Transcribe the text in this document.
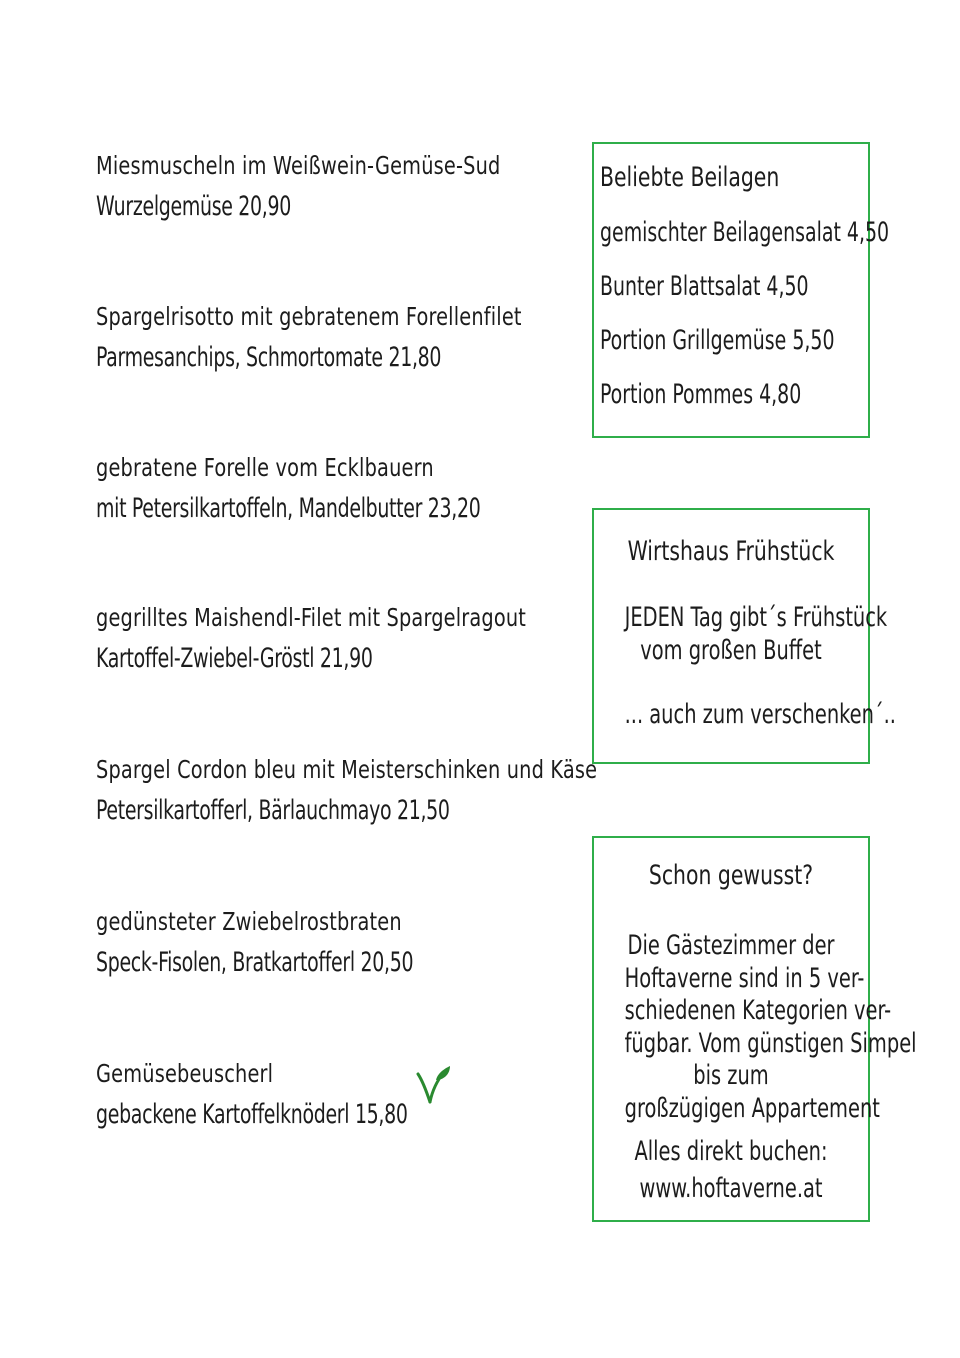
Miesmuscheln im Weißwein-Gemüse-Sud
Wurzelgemüse 20,90
Spargelrisotto mit gebratenem Forellenfilet
Parmesanchips, Schmortomate 21,80
gebratene Forelle vom Ecklbauern
mit Petersilkartoffeln, Mandelbutter 23,20
gegrilltes Maishendl-Filet mit Spargelragout
Kartoffel-Zwiebel-Gröstl 21,90
Spargel Cordon bleu mit Meisterschinken und Käse
Petersilkartofferl, Bärlauchmayo 21,50
gedünsteter Zwiebelrostbraten
Speck-Fisolen, Bratkartofferl 20,50
Gemüsebeuscherl
gebackene Kartoffelknöderl 15,80
Beliebte Beilagen
gemischter Beilagensalat 4,50
Bunter Blattsalat 4,50
Portion Grillgemüse 5,50
Portion Pommes 4,80
Wirtshaus Frühstück
JEDEN Tag gibt´s Frühstück
vom großen Buffet
... auch zum verschenken´..
Schon gewusst?
Die Gästezimmer der
Hoftaverne sind in 5 ver-
schiedenen Kategorien ver-
fügbar. Vom günstigen Simpel
bis zum
großzügigen Appartement
Alles direkt buchen:
www.hoftaverne.at
